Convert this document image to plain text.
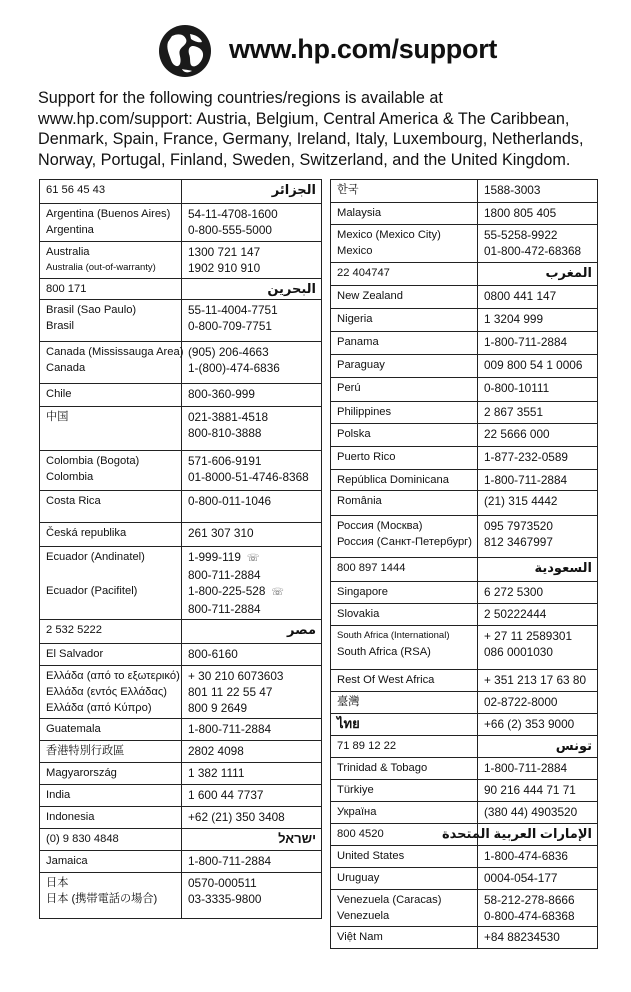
www.hp.com/support

Support for the following countries/regions is available at www.hp.com/support: Austria, Belgium, Central America & The Caribbean, Denmark, Spain, France, Germany, Ireland, Italy, Luxembourg, Netherlands, Norway, Portugal, Finland, Sweden, Switzerland, and the United Kingdom.

61 56 45 43	الجزائر

Argentina (Buenos Aires)
Argentina	54-11-4708-1600
0-800-555-5000

Australia
Australia (out-of-warranty)	1300 721 147
1902 910 910

800 171	البحرين

Brasil (Sao Paulo)
Brasil	55-11-4004-7751
0-800-709-7751

Canada (Mississauga Area)
Canada	(905) 206-4663
1-(800)-474-6836

Chile	800-360-999

中国	021-3881-4518
800-810-3888

Colombia (Bogota)
Colombia	571-606-9191
01-8000-51-4746-8368

Costa Rica	0-800-011-1046

Česká republika	261 307 310

Ecuador (Andinatel)

Ecuador (Pacifitel)	1-999-119 ☏
800-711-2884
1-800-225-528 ☏
800-711-2884

2 532 5222	مصر

El Salvador	800-6160

Ελλάδα (από το εξωτερικό)
Ελλάδα (εντός Ελλάδας)
Ελλάδα (από Κύπρο)	+ 30 210 6073603
801 11 22 55 47
800 9 2649

Guatemala	1-800-711-2884

香港特別行政區	2802 4098

Magyarország	1 382 1111

India	1 600 44 7737

Indonesia	+62 (21) 350 3408

(0) 9 830 4848	ישראל

Jamaica	1-800-711-2884

日本
日本 (携帯電話の場合)	0570-000511
03-3335-9800
한국	1588-3003

Malaysia	1800 805 405

Mexico (Mexico City)
Mexico	55-5258-9922
01-800-472-68368

22 404747	المغرب

New Zealand	0800 441 147

Nigeria	1 3204 999

Panama	1-800-711-2884

Paraguay	009 800 54 1 0006

Perú	0-800-10111

Philippines	2 867 3551

Polska	22 5666 000

Puerto Rico	1-877-232-0589

República Dominicana	1-800-711-2884

România	(21) 315 4442

Россия (Москва)
Россия (Санкт-Петербург)	095 7973520
812 3467997

800 897 1444	السعودية

Singapore	6 272 5300

Slovakia	2 50222444

South Africa (International)
South Africa (RSA)	+ 27 11 2589301
086 0001030

Rest Of West Africa	+ 351 213 17 63 80

臺灣	02-8722-8000

ไทย	+66 (2) 353 9000

71 89 12 22	تونس

Trinidad & Tobago	1-800-711-2884

Türkiye	90 216 444 71 71

Україна	(380 44) 4903520

800 4520	الإمارات العربية المتحدة

United States	1-800-474-6836

Uruguay	0004-054-177

Venezuela (Caracas)
Venezuela	58-212-278-8666
0-800-474-68368

Việt Nam	+84 88234530
